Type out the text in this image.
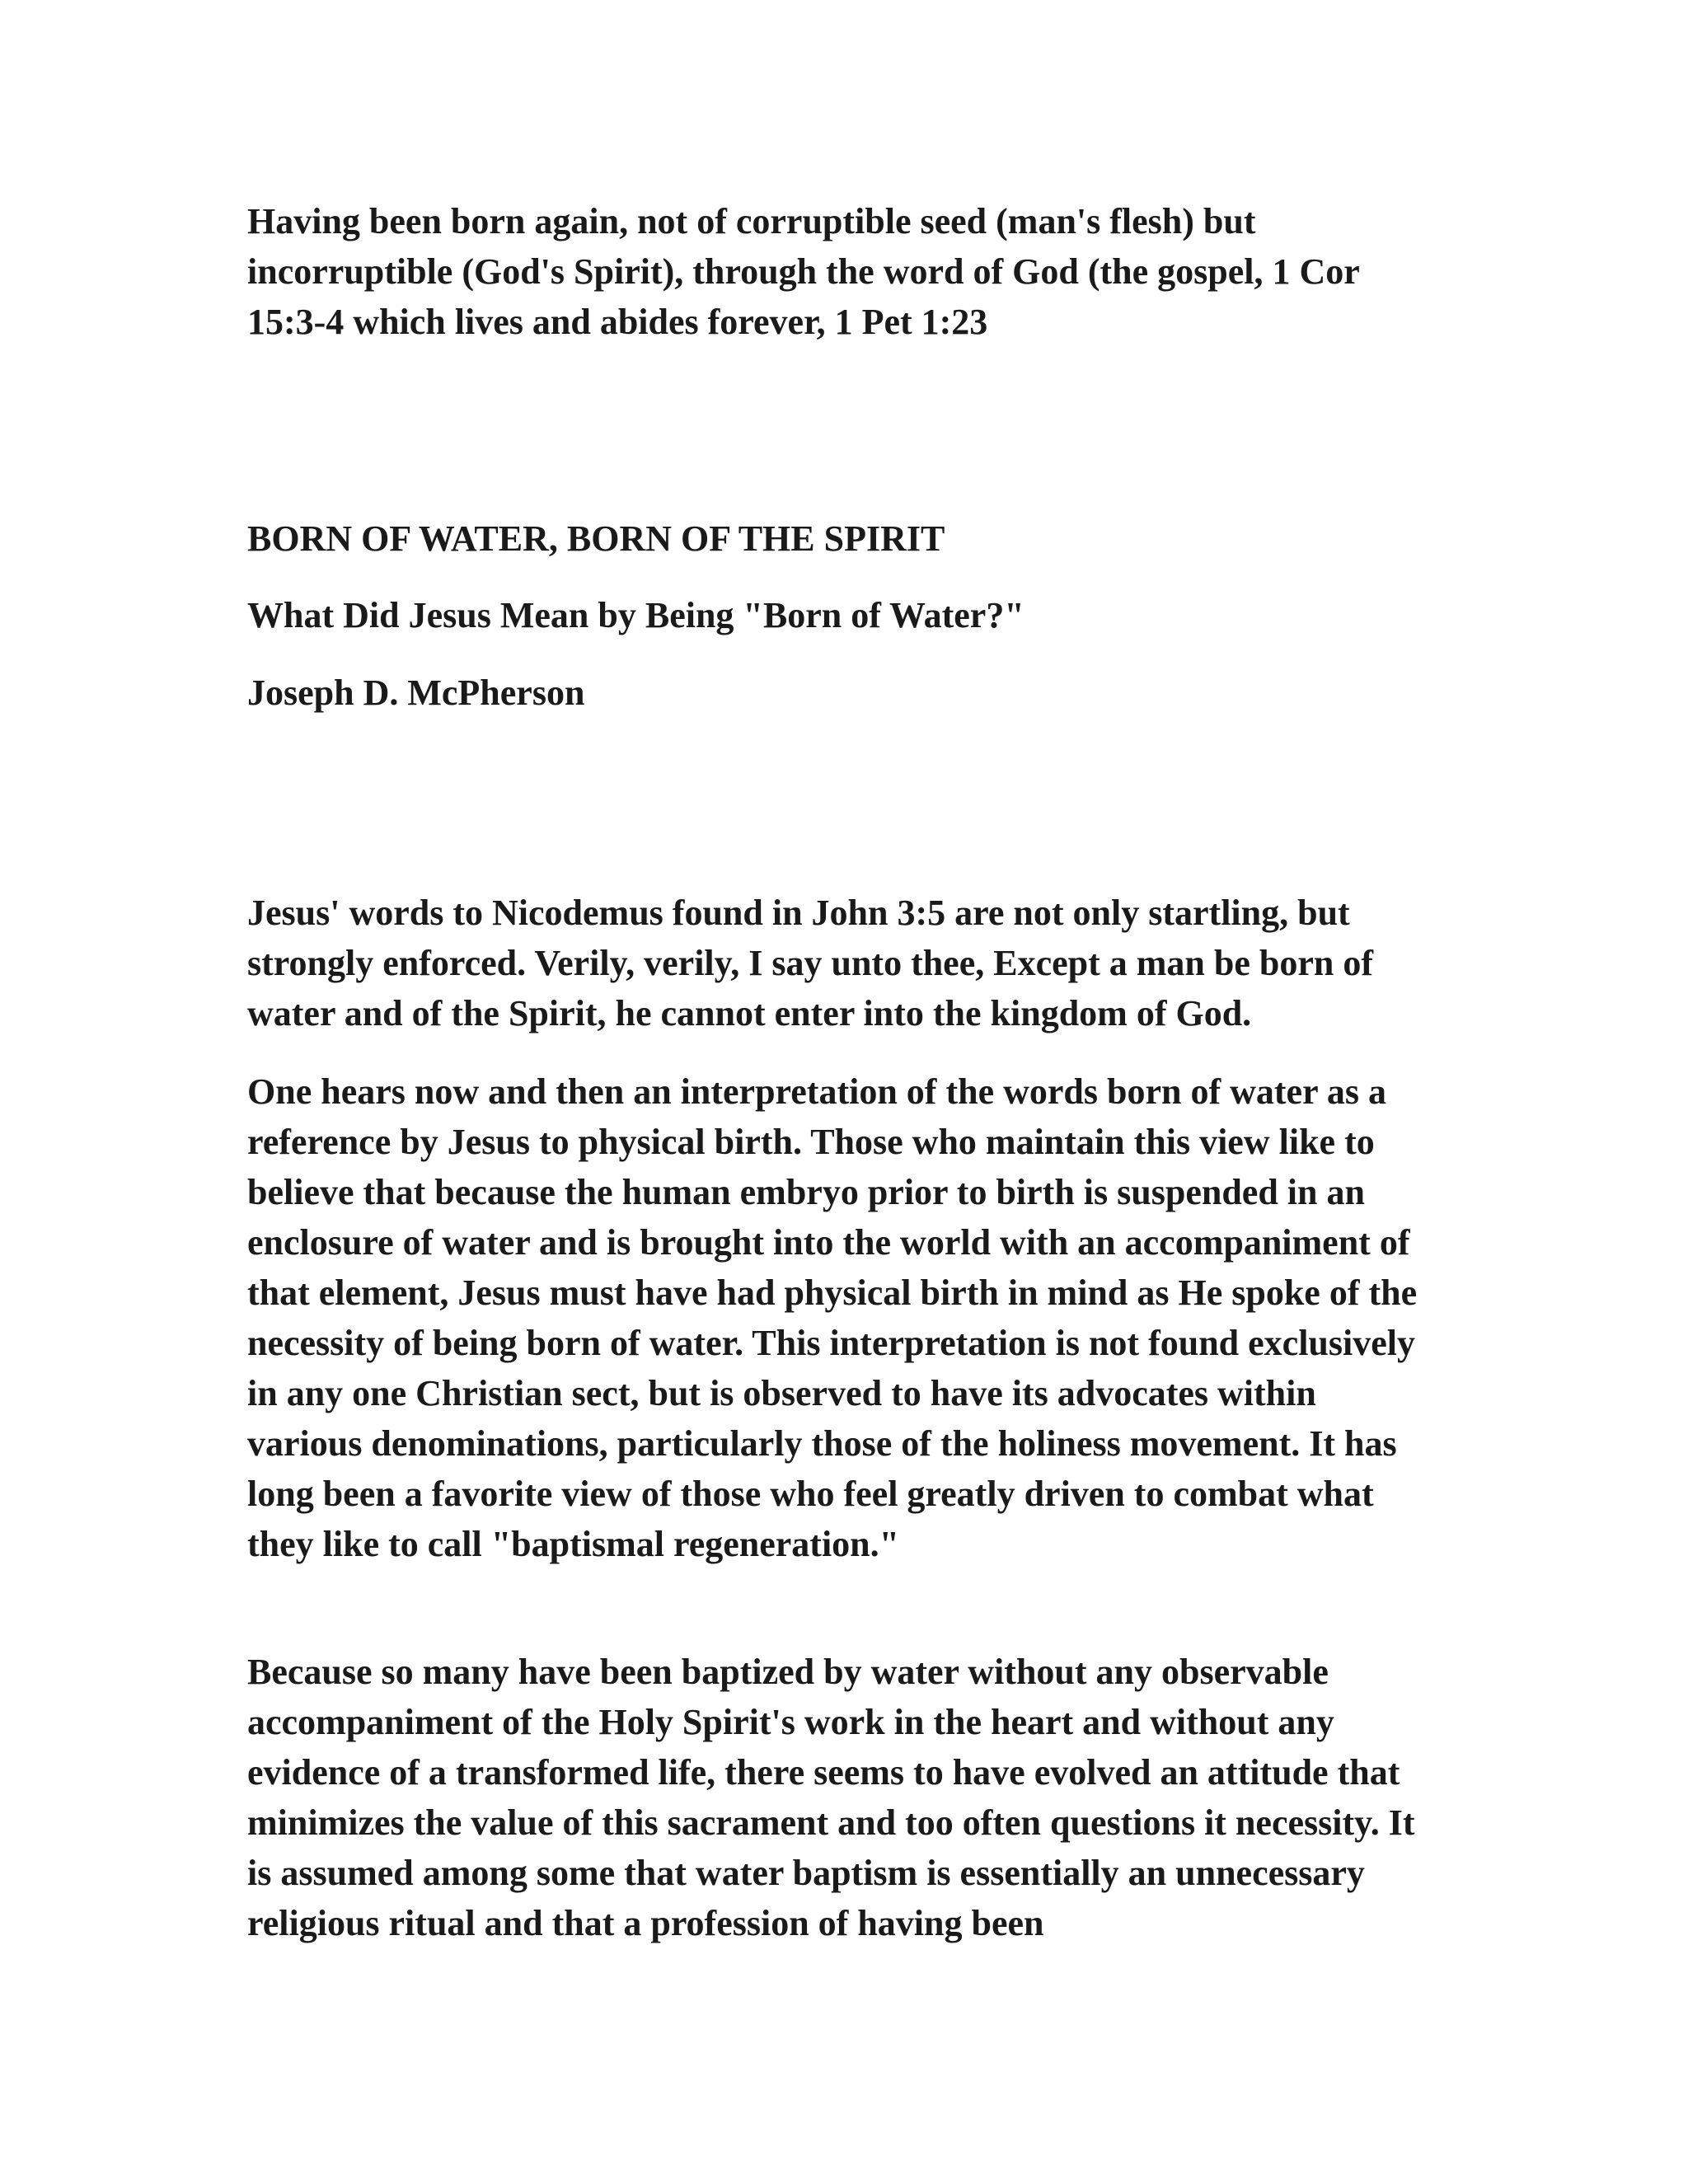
Having been born again, not of corruptible seed (man's flesh) but incorruptible (God's Spirit), through the word of God (the gospel, 1 Cor 15:3-4 which lives and abides forever, 1 Pet 1:23

BORN OF WATER, BORN OF THE SPIRIT

What Did Jesus Mean by Being "Born of Water?"

Joseph D. McPherson

Jesus' words to Nicodemus found in John 3:5 are not only startling, but strongly enforced. Verily, verily, I say unto thee, Except a man be born of water and of the Spirit, he cannot enter into the kingdom of God.

One hears now and then an interpretation of the words born of water as a reference by Jesus to physical birth. Those who maintain this view like to believe that because the human embryo prior to birth is suspended in an enclosure of water and is brought into the world with an accompaniment of that element, Jesus must have had physical birth in mind as He spoke of the necessity of being born of water. This interpretation is not found exclusively in any one Christian sect, but is observed to have its advocates within various denominations, particularly those of the holiness movement. It has long been a favorite view of those who feel greatly driven to combat what they like to call "baptismal regeneration."

Because so many have been baptized by water without any observable accompaniment of the Holy Spirit's work in the heart and without any evidence of a transformed life, there seems to have evolved an attitude that minimizes the value of this sacrament and too often questions it necessity. It is assumed among some that water baptism is essentially an unnecessary religious ritual and that a profession of having been
